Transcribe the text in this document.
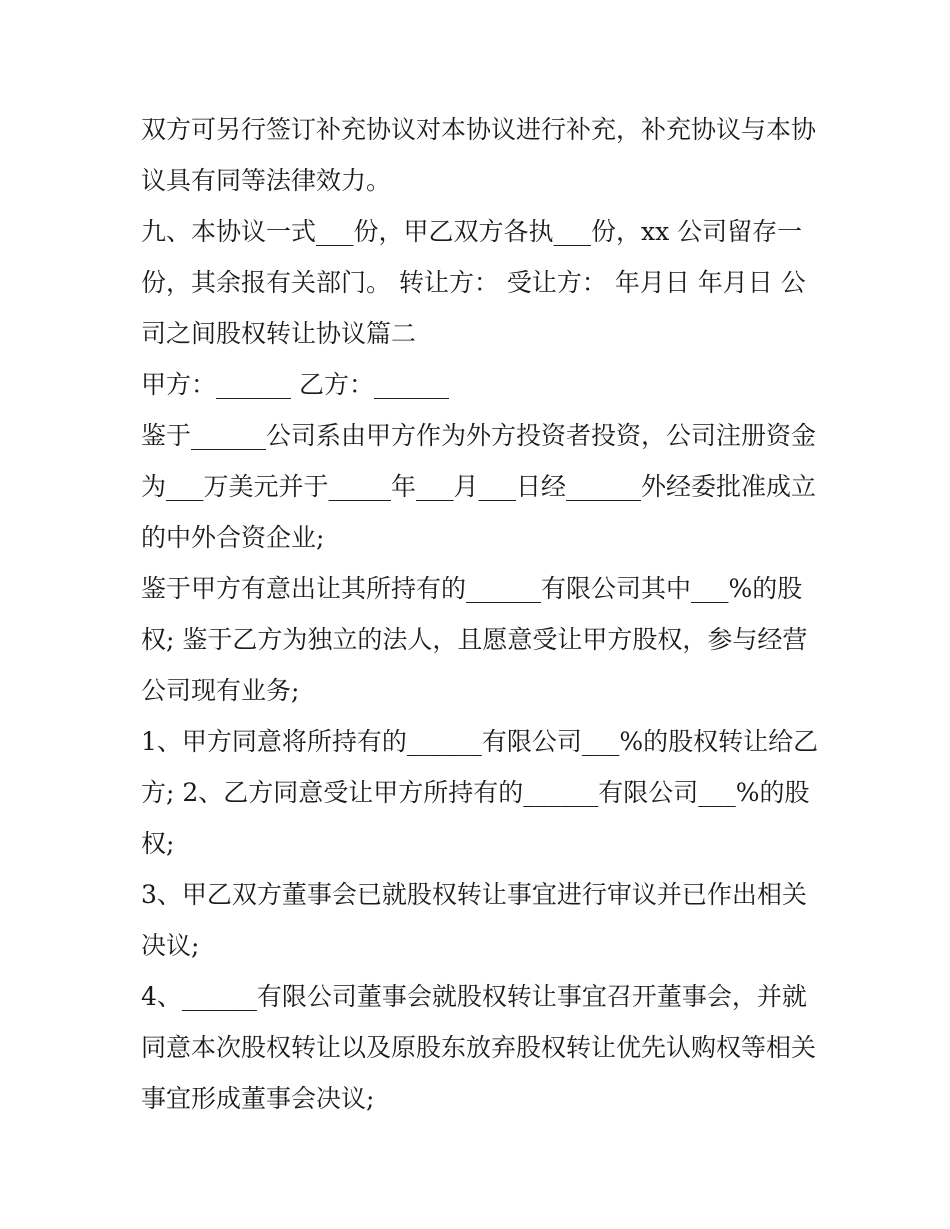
双方可另行签订补充协议对本协议进行补充，补充协议与本协
议具有同等法律效力。
九、本协议一式___份，甲乙双方各执___份，xx 公司留存一
份，其余报有关部门。 转让方： 受让方： 年月日 年月日 公
司之间股权转让协议篇二
甲方：______ 乙方：______
鉴于______公司系由甲方作为外方投资者投资，公司注册资金
为___万美元并于_____年___月___日经______外经委批准成立
的中外合资企业;
鉴于甲方有意出让其所持有的______有限公司其中___%的股
权; 鉴于乙方为独立的法人，且愿意受让甲方股权，参与经营
公司现有业务;
1、甲方同意将所持有的______有限公司___%的股权转让给乙
方; 2、乙方同意受让甲方所持有的______有限公司___%的股
权;
3、甲乙双方董事会已就股权转让事宜进行审议并已作出相关
决议;
4、______有限公司董事会就股权转让事宜召开董事会，并就
同意本次股权转让以及原股东放弃股权转让优先认购权等相关
事宜形成董事会决议;
